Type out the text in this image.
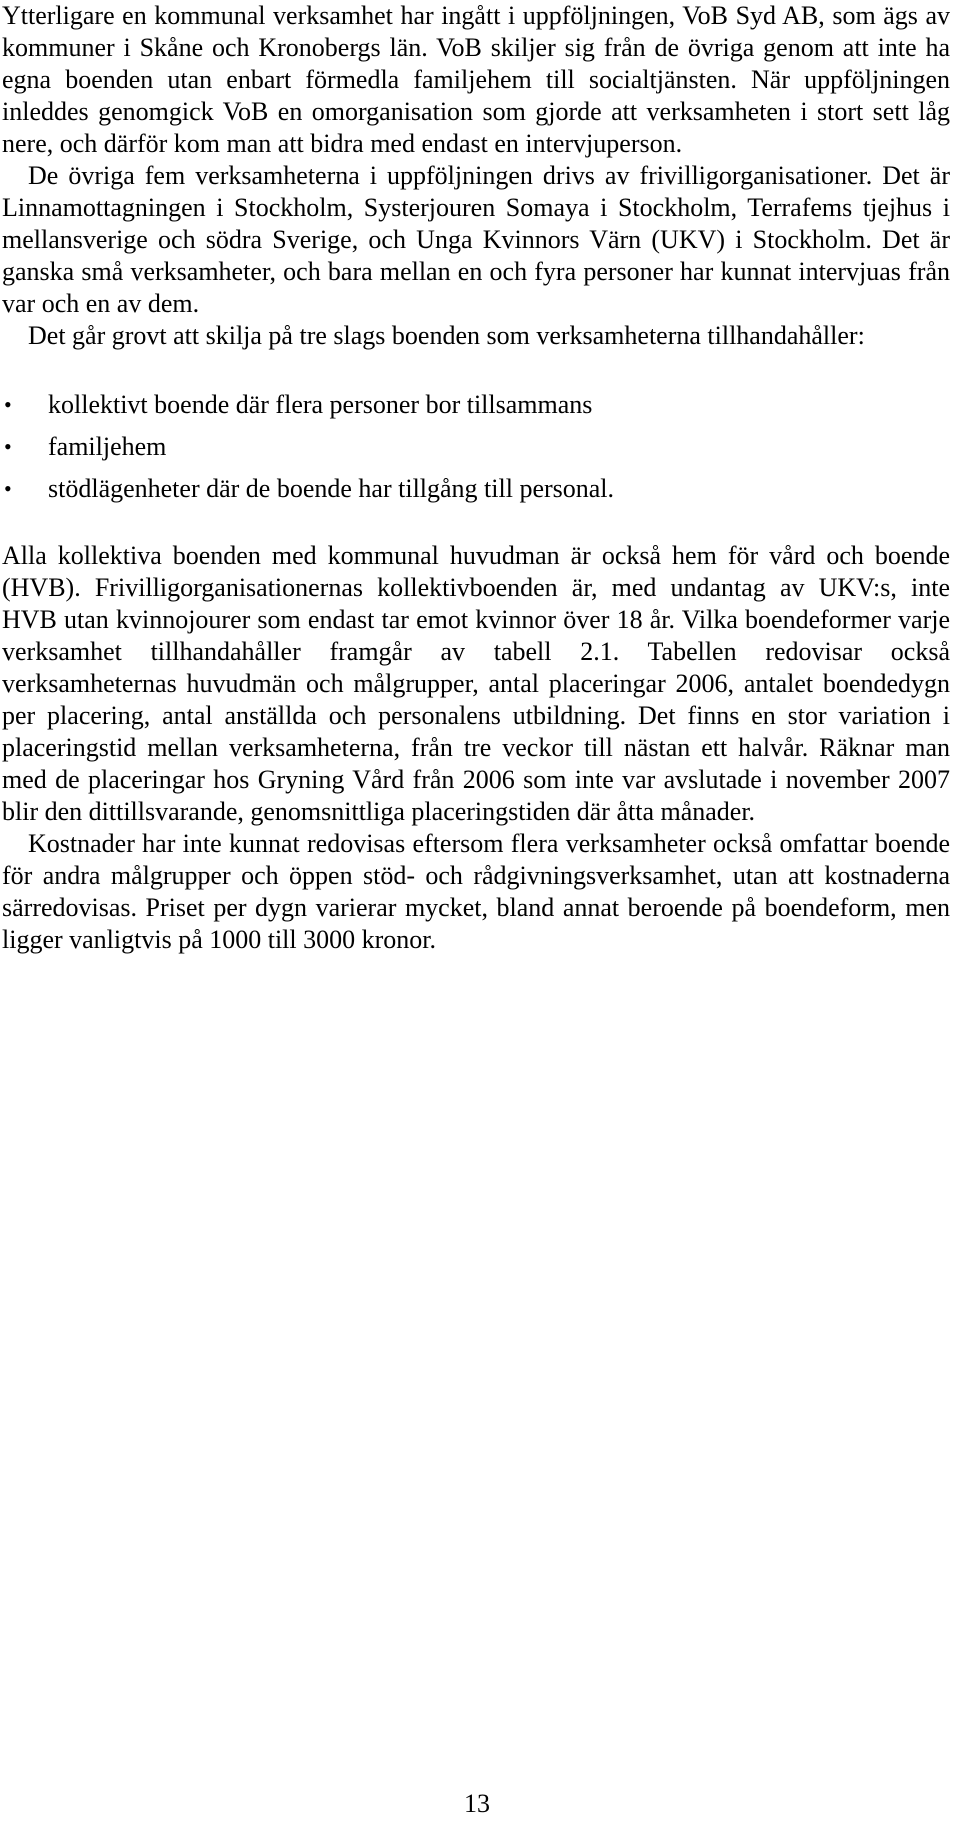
Ytterligare en kommunal verksamhet har ingått i uppföljningen, VoB Syd AB, som ägs av kommuner i Skåne och Kronobergs län. VoB skiljer sig från de övriga genom att inte ha egna boenden utan enbart förmedla familjehem till socialtjänsten. När uppföljningen inleddes genomgick VoB en omorganisation som gjorde att verksamheten i stort sett låg nere, och därför kom man att bidra med endast en intervjuperson.

De övriga fem verksamheterna i uppföljningen drivs av frivilligorganisationer. Det är Linnamottagningen i Stockholm, Systerjouren Somaya i Stockholm, Terrafems tjejhus i mellansverige och södra Sverige, och Unga Kvinnors Värn (UKV) i Stockholm. Det är ganska små verksamheter, och bara mellan en och fyra personer har kunnat intervjuas från var och en av dem.

Det går grovt att skilja på tre slags boenden som verksamheterna tillhandahåller:

• kollektivt boende där flera personer bor tillsammans
• familjehem
• stödlägenheter där de boende har tillgång till personal.

Alla kollektiva boenden med kommunal huvudman är också hem för vård och boende (HVB). Frivilligorganisationernas kollektivboenden är, med undantag av UKV:s, inte HVB utan kvinnojourer som endast tar emot kvinnor över 18 år. Vilka boendeformer varje verksamhet tillhandahåller framgår av tabell 2.1. Tabellen redovisar också verksamheternas huvudmän och målgrupper, antal placeringar 2006, antalet boendedygn per placering, antal anställda och personalens utbildning. Det finns en stor variation i placeringstid mellan verksamheterna, från tre veckor till nästan ett halvår. Räknar man med de placeringar hos Gryning Vård från 2006 som inte var avslutade i november 2007 blir den dittillsvarande, genomsnittliga placeringstiden där åtta månader.

Kostnader har inte kunnat redovisas eftersom flera verksamheter också omfattar boende för andra målgrupper och öppen stöd- och rådgivningsverksamhet, utan att kostnaderna särredovisas. Priset per dygn varierar mycket, bland annat beroende på boendeform, men ligger vanligtvis på 1000 till 3000 kronor.

13
